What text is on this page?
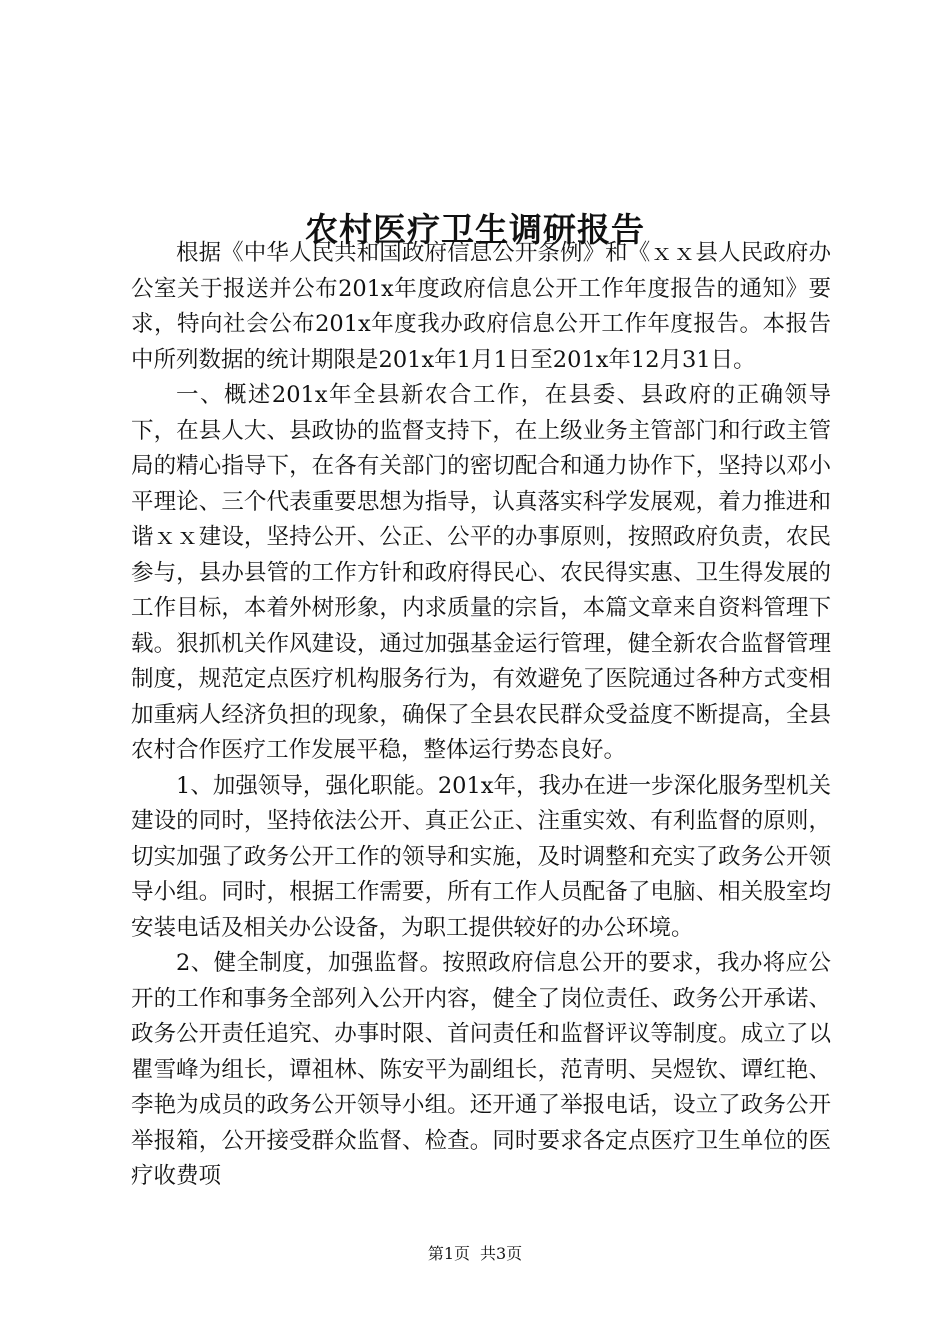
农村医疗卫生调研报告

根据《中华人民共和国政府信息公开条例》和《ｘｘ县人民政府办公室关于报送并公布201x年度政府信息公开工作年度报告的通知》要求，特向社会公布201x年度我办政府信息公开工作年度报告。本报告中所列数据的统计期限是201x年1月1日至201x年12月31日。

一、概述201x年全县新农合工作，在县委、县政府的正确领导下，在县人大、县政协的监督支持下，在上级业务主管部门和行政主管局的精心指导下，在各有关部门的密切配合和通力协作下，坚持以邓小平理论、三个代表重要思想为指导，认真落实科学发展观，着力推进和谐ｘｘ建设，坚持公开、公正、公平的办事原则，按照政府负责，农民参与，县办县管的工作方针和政府得民心、农民得实惠、卫生得发展的工作目标，本着外树形象，内求质量的宗旨，本篇文章来自资料管理下载。狠抓机关作风建设，通过加强基金运行管理，健全新农合监督管理制度，规范定点医疗机构服务行为，有效避免了医院通过各种方式变相加重病人经济负担的现象，确保了全县农民群众受益度不断提高，全县农村合作医疗工作发展平稳，整体运行势态良好。

1、加强领导，强化职能。201x年，我办在进一步深化服务型机关建设的同时，坚持依法公开、真正公正、注重实效、有利监督的原则，切实加强了政务公开工作的领导和实施，及时调整和充实了政务公开领导小组。同时，根据工作需要，所有工作人员配备了电脑、相关股室均安装电话及相关办公设备，为职工提供较好的办公环境。

2、健全制度，加强监督。按照政府信息公开的要求，我办将应公开的工作和事务全部列入公开内容，健全了岗位责任、政务公开承诺、政务公开责任追究、办事时限、首问责任和监督评议等制度。成立了以瞿雪峰为组长，谭祖林、陈安平为副组长，范青明、吴煜钦、谭红艳、李艳为成员的政务公开领导小组。还开通了举报电话，设立了政务公开举报箱，公开接受群众监督、检查。同时要求各定点医疗卫生单位的医疗收费项

第1页 共3页
